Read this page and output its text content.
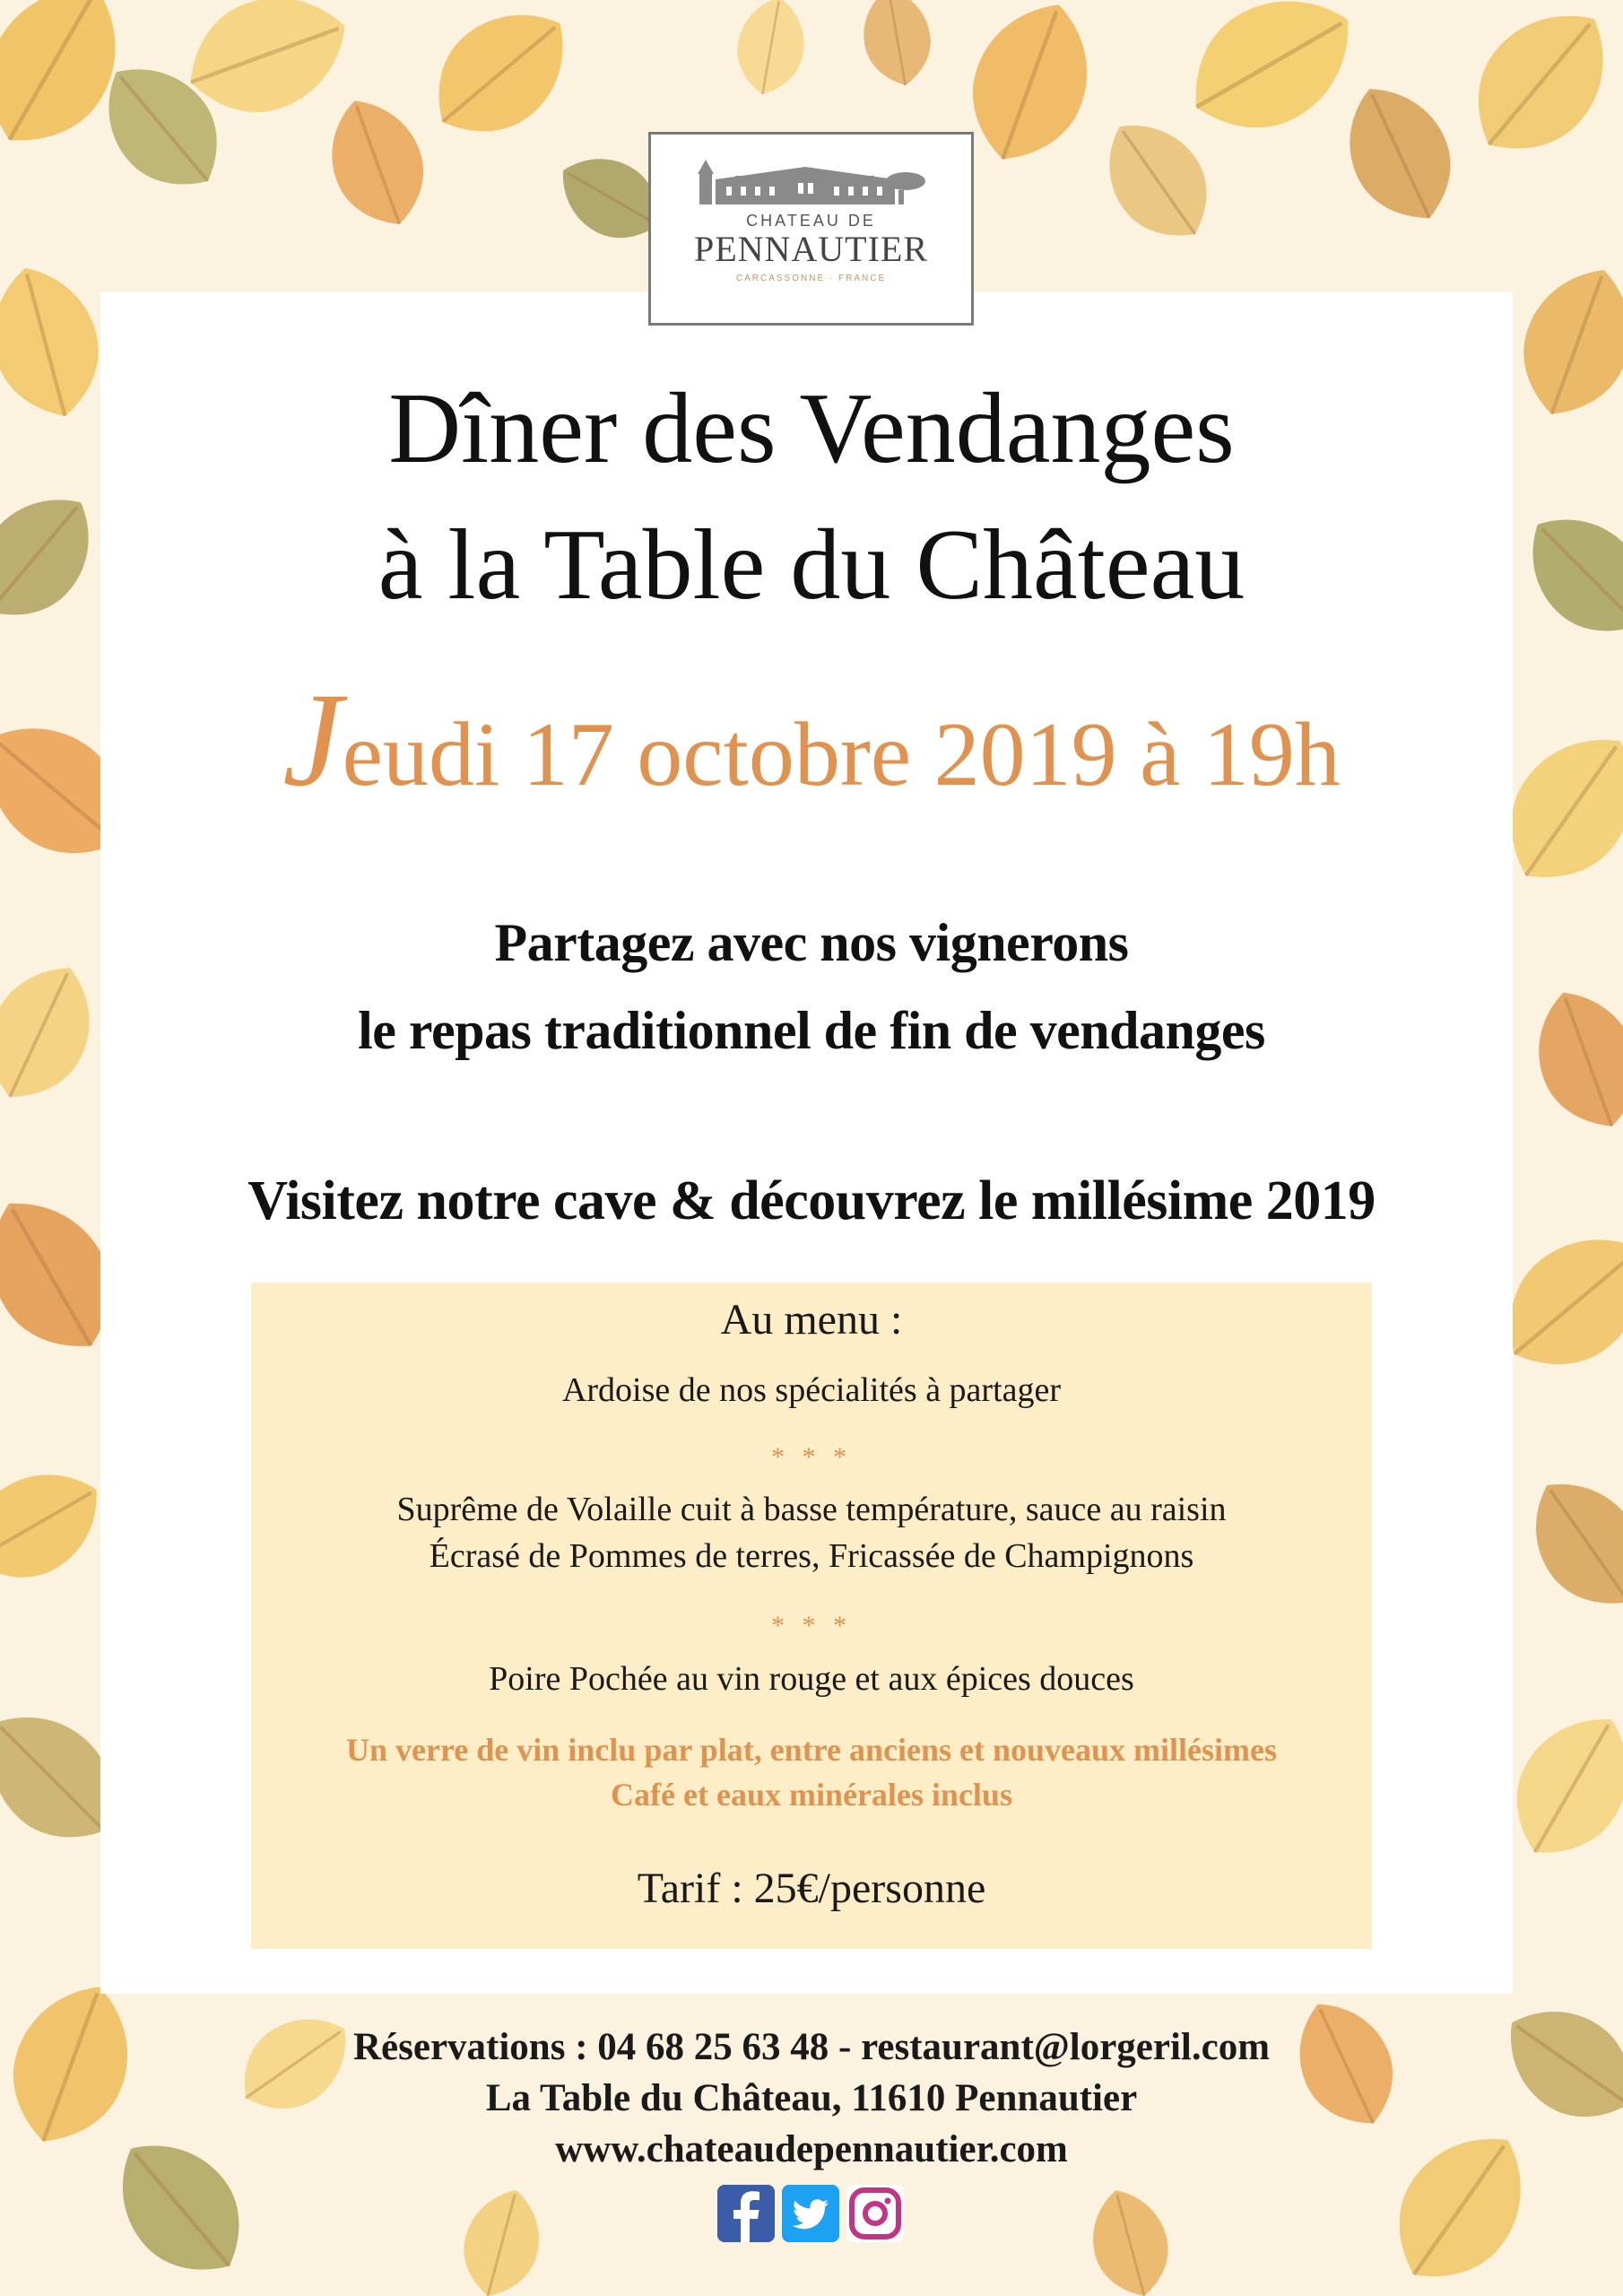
CHATEAU DE
PENNAUTIER
CARCASSONNE · FRANCE
Dîner des Vendanges
à la Table du Château
Jeudi 17 octobre 2019 à 19h
Partagez avec nos vignerons
le repas traditionnel de fin de vendanges
Visitez notre cave & découvrez le millésime 2019
Au menu :
Ardoise de nos spécialités à partager
* * *
Suprême de Volaille cuit à basse température, sauce au raisin
Écrasé de Pommes de terres, Fricassée de Champignons
* * *
Poire Pochée au vin rouge et aux épices douces
Un verre de vin inclu par plat, entre anciens et nouveaux millésimes
Café et eaux minérales inclus
Tarif : 25€/personne
Réservations : 04 68 25 63 48 - restaurant@lorgeril.com
La Table du Château, 11610 Pennautier
www.chateaudepennautier.com
